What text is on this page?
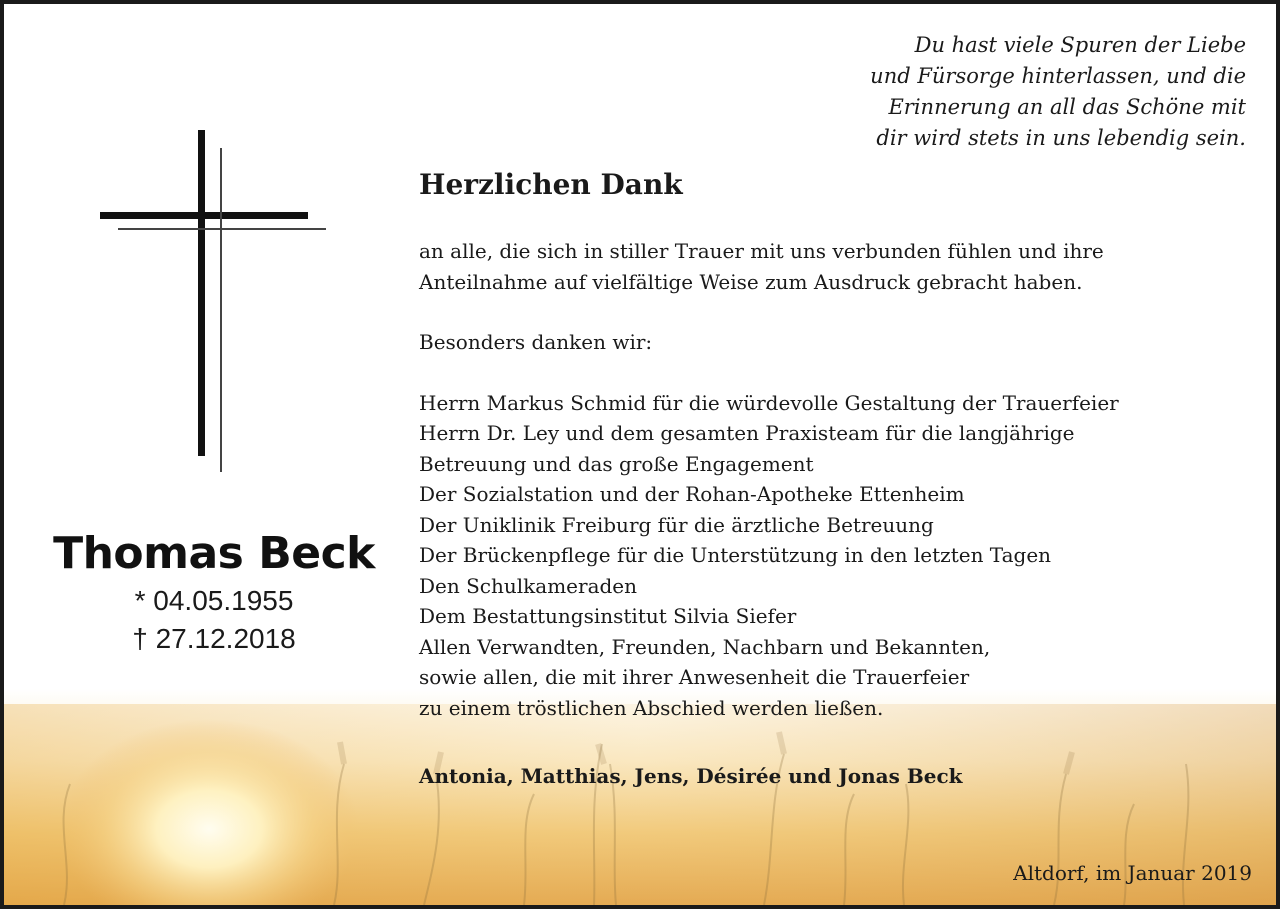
Du hast viele Spuren der Liebe
und Fürsorge hinterlassen, und die
Erinnerung an all das Schöne mit
dir wird stets in uns lebendig sein.
Thomas Beck
* 04.05.1955
† 27.12.2018
Herzlichen Dank

an alle, die sich in stiller Trauer mit uns verbunden fühlen und ihre
Anteilnahme auf vielfältige Weise zum Ausdruck gebracht haben.

Besonders danken wir:

Herrn Markus Schmid für die würdevolle Gestaltung der Trauerfeier
Herrn Dr. Ley und dem gesamten Praxisteam für die langjährige
Betreuung und das große Engagement
Der Sozialstation und der Rohan-Apotheke Ettenheim
Der Uniklinik Freiburg für die ärztliche Betreuung
Der Brückenpflege für die Unterstützung in den letzten Tagen
Den Schulkameraden
Dem Bestattungsinstitut Silvia Siefer
Allen Verwandten, Freunden, Nachbarn und Bekannten,
sowie allen, die mit ihrer Anwesenheit die Trauerfeier
zu einem tröstlichen Abschied werden ließen.

Antonia, Matthias, Jens, Désirée und Jonas Beck
Altdorf, im Januar 2019
